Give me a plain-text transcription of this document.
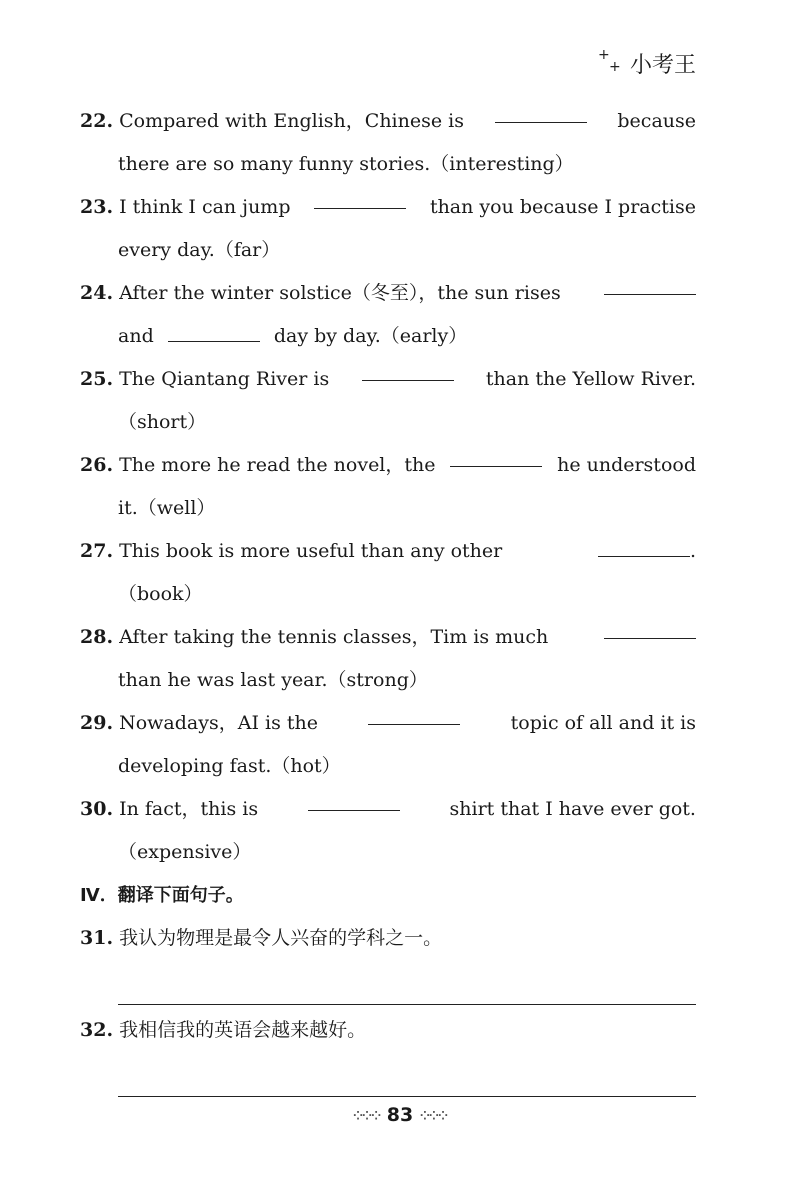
+
+ 小考王
22. Compared with English，Chinese is	because
there are so many funny stories.（interesting）
23. I think I can jump	than you because I practise
every day.（far）
24. After the winter solstice（冬至），the sun rises
and	day by day.（early）
25. The Qiantang River is	than the Yellow River.
（short）
26. The more he read the novel，the	he understood
it.（well）
27. This book is more useful than any other	.
（book）
28. After taking the tennis classes，Tim is much
than he was last year.（strong）
29. Nowadays，AI is the	topic of all and it is
developing fast.（hot）
30. In fact，this is	shirt that I have ever got.
（expensive）
Ⅳ．翻译下面句子。
31. 我认为物理是最令人兴奋的学科之一。
32. 我相信我的英语会越来越好。
⁘⁘⁘ 83 ⁘⁘⁘
